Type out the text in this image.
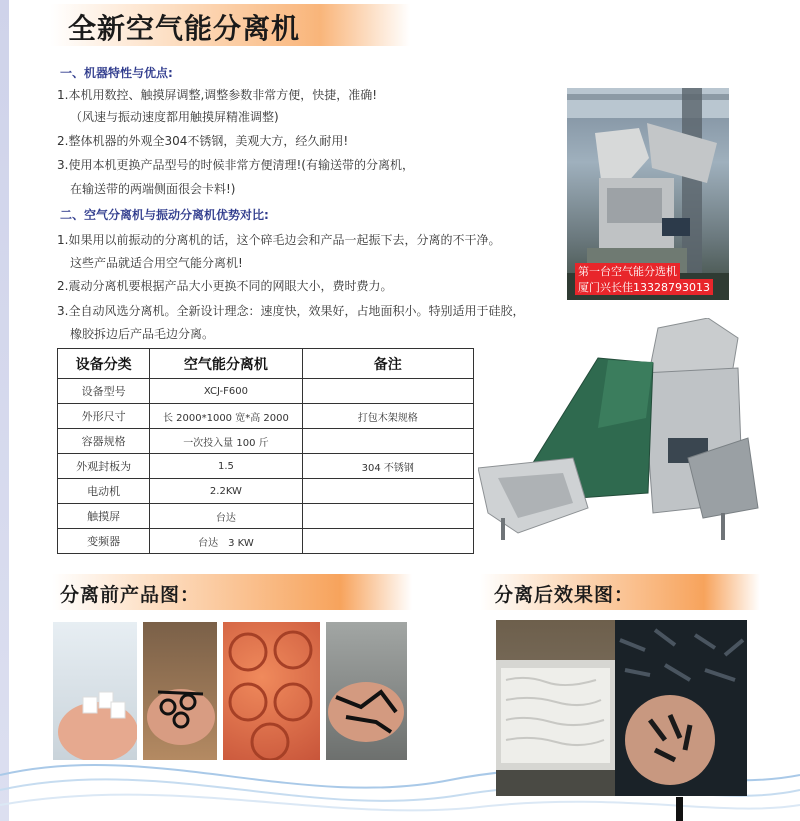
全新空气能分离机
一、机器特性与优点:
1.本机用数控、触摸屏调整,调整参数非常方便，快捷，准确!
（风速与振动速度都用触摸屏精准调整)
2.整体机器的外观全304不锈钢，美观大方，经久耐用!
3.使用本机更换产品型号的时候非常方便清理!(有输送带的分离机，
在输送带的两端侧面很会卡料!)
二、空气分离机与振动分离机优势对比:
1.如果用以前振动的分离机的话，这个碎毛边会和产品一起振下去，分离的不干净。
这些产品就适合用空气能分离机!
2.震动分离机要根据产品大小更换不同的网眼大小，费时费力。
3.全自动风选分离机。全新设计理念：速度快，效果好，占地面积小。特别适用于硅胶，
橡胶拆边后产品毛边分离。
设备分类	空气能分离机	备注
设备型号	XCJ-F600	
外形尺寸	长 2000*1000 宽*高 2000	打包木架规格
容器规格	一次投入量 100 斤	
外观封板为	1.5	304 不锈钢
电动机	2.2KW	
触摸屏	台达	
变频器	台达　3 KW	
第一台空气能分选机
厦门兴长佳13328793013
分离前产品图：	分离后效果图：
